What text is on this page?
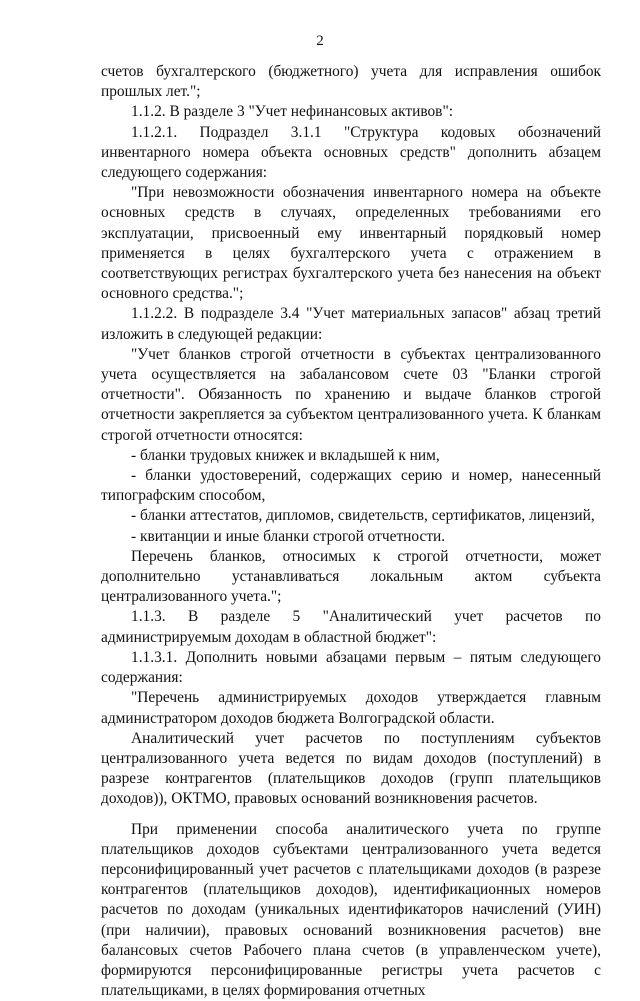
2

счетов бухгалтерского (бюджетного) учета для исправления ошибок прошлых лет.";

1.1.2. В разделе 3 "Учет нефинансовых активов":

1.1.2.1. Подраздел 3.1.1 "Структура кодовых обозначений инвентарного номера объекта основных средств" дополнить абзацем следующего содержания:

"При невозможности обозначения инвентарного номера на объекте основных средств в случаях, определенных требованиями его эксплуатации, присвоенный ему инвентарный порядковый номер применяется в целях бухгалтерского учета с отражением в соответствующих регистрах бухгалтерского учета без нанесения на объект основного средства.";

1.1.2.2. В подразделе 3.4 "Учет материальных запасов" абзац третий изложить в следующей редакции:

"Учет бланков строгой отчетности в субъектах централизованного учета осуществляется на забалансовом счете 03 "Бланки строгой отчетности". Обязанность по хранению и выдаче бланков строгой отчетности закрепляется за субъектом централизованного учета. К бланкам строгой отчетности относятся:

- бланки трудовых книжек и вкладышей к ним,

- бланки удостоверений, содержащих серию и номер, нанесенный типографским способом,

- бланки аттестатов, дипломов, свидетельств, сертификатов, лицензий,

- квитанции и иные бланки строгой отчетности.

Перечень бланков, относимых к строгой отчетности, может дополнительно устанавливаться локальным актом субъекта централизованного учета.";

1.1.3. В разделе 5 "Аналитический учет расчетов по администрируемым доходам в областной бюджет":

1.1.3.1. Дополнить новыми абзацами первым – пятым следующего содержания:

"Перечень администрируемых доходов утверждается главным администратором доходов бюджета Волгоградской области.

Аналитический учет расчетов по поступлениям субъектов централизованного учета ведется по видам доходов (поступлений) в разрезе контрагентов (плательщиков доходов (групп плательщиков доходов)), ОКТМО, правовых оснований возникновения расчетов.

При применении способа аналитического учета по группе плательщиков доходов субъектами централизованного учета ведется персонифицированный учет расчетов с плательщиками доходов (в разрезе контрагентов (плательщиков доходов), идентификационных номеров расчетов по доходам (уникальных идентификаторов начислений (УИН) (при наличии), правовых оснований возникновения расчетов) вне балансовых счетов Рабочего плана счетов (в управленческом учете), формируются персонифицированные регистры учета расчетов с плательщиками, в целях формирования отчетных
